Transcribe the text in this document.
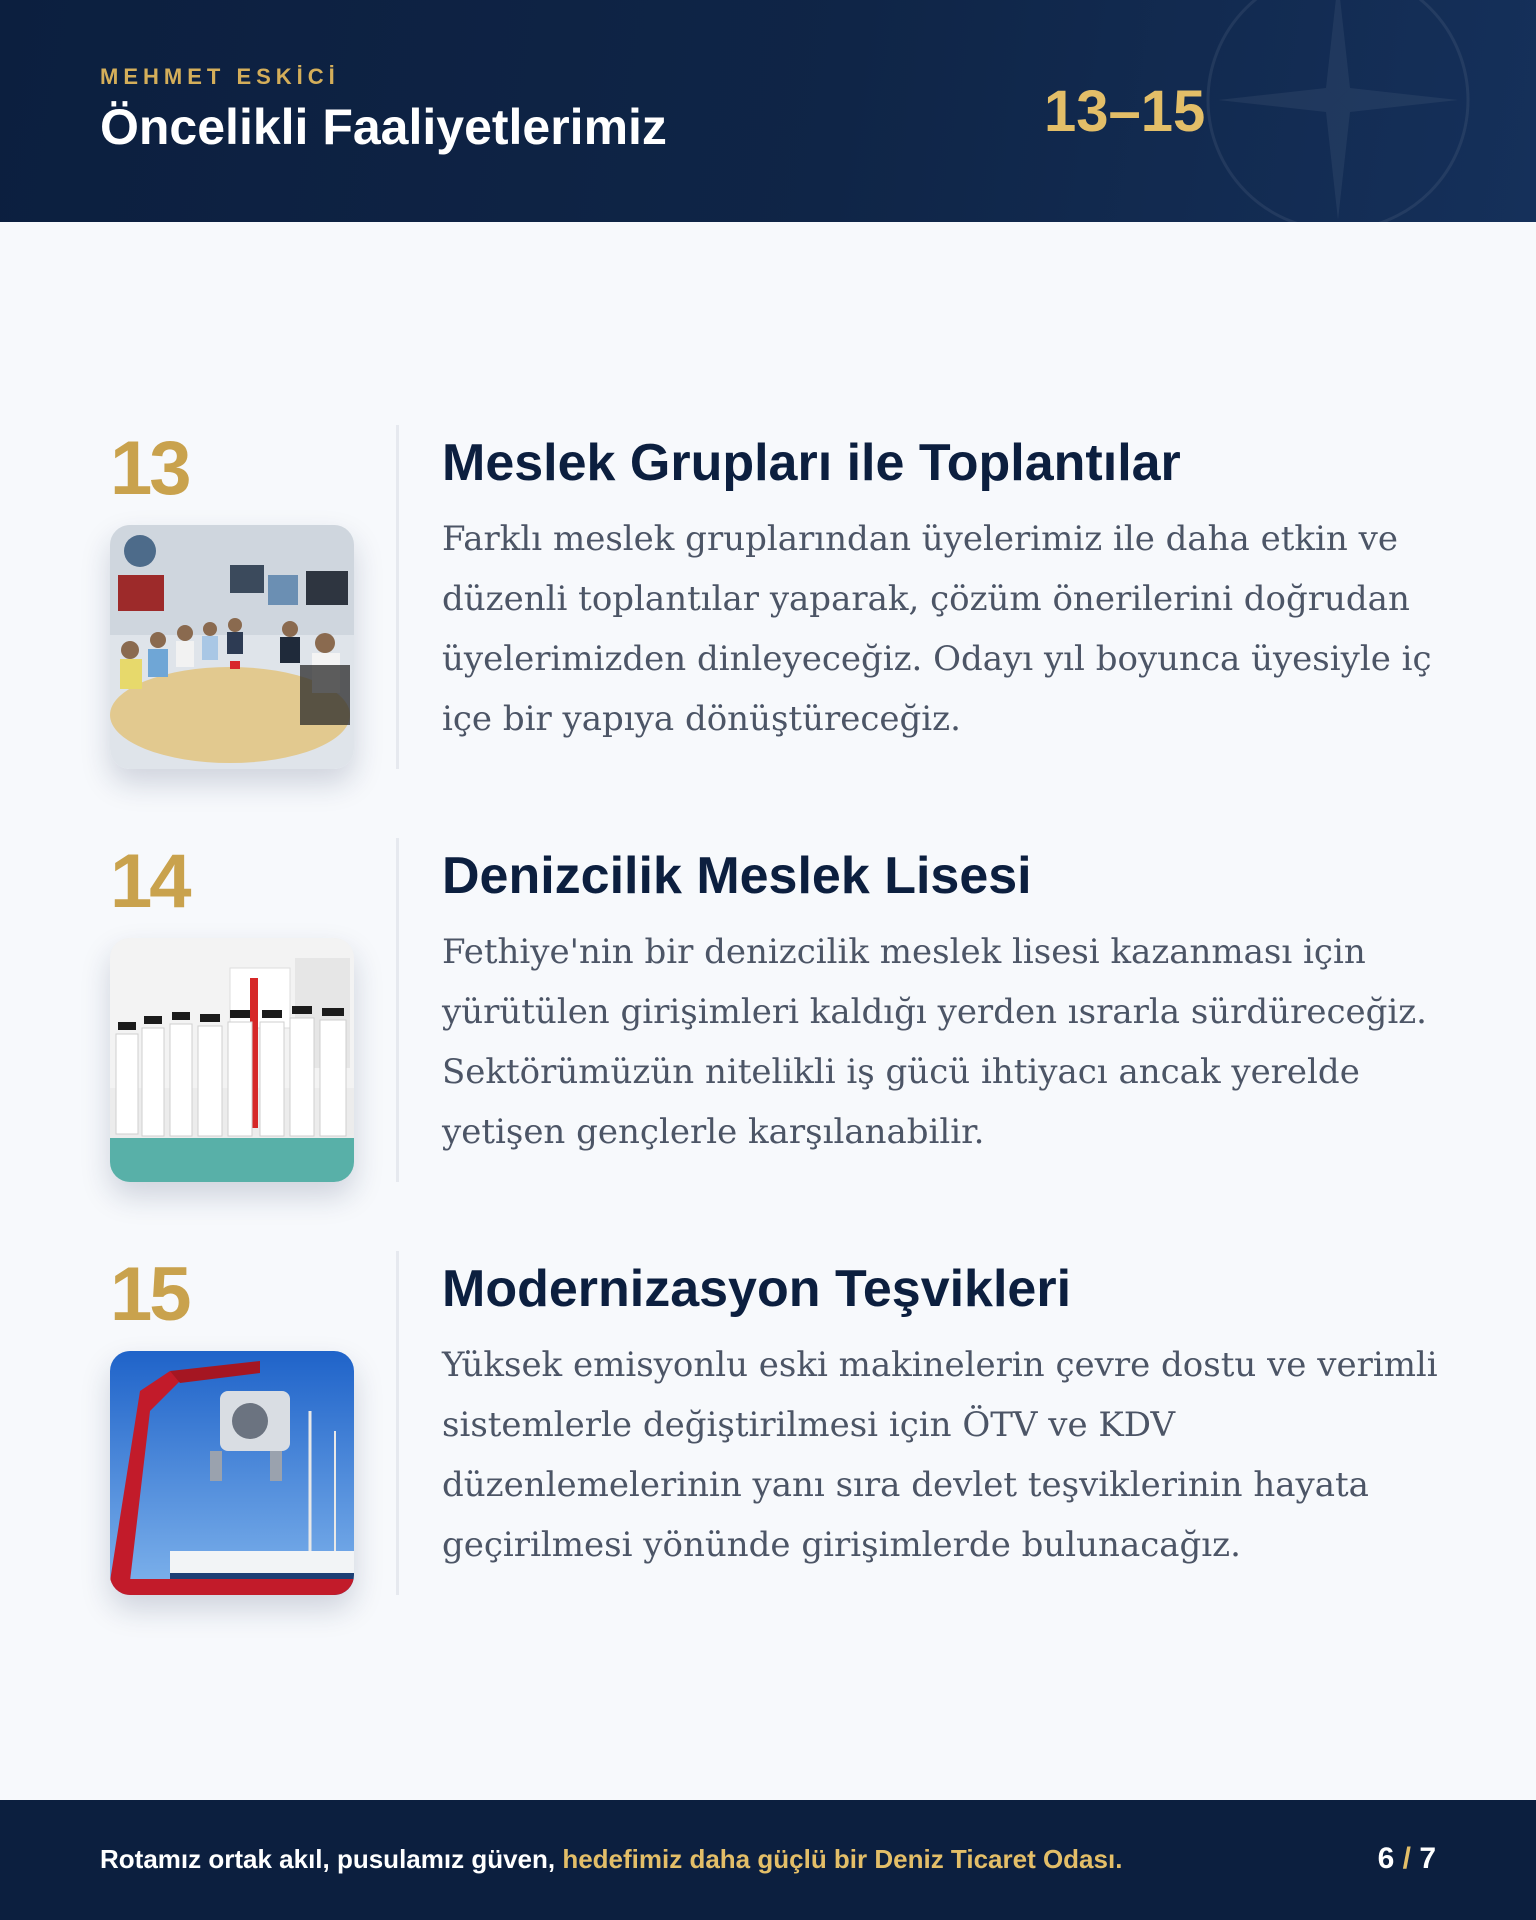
MEHMET ESKİCİ
Öncelikli Faaliyetlerimiz	13–15
13	Meslek Grupları ile Toplantılar
Farklı meslek gruplarından üyelerimiz ile daha etkin ve düzenli toplantılar yaparak, çözüm önerilerini doğrudan üyelerimizden dinleyeceğiz. Odayı yıl boyunca üyesiyle iç içe bir yapıya dönüştüreceğiz.
14	Denizcilik Meslek Lisesi
Fethiye'nin bir denizcilik meslek lisesi kazanması için yürütülen girişimleri kaldığı yerden ısrarla sürdüreceğiz. Sektörümüzün nitelikli iş gücü ihtiyacı ancak yerelde yetişen gençlerle karşılanabilir.
15	Modernizasyon Teşvikleri
Yüksek emisyonlu eski makinelerin çevre dostu ve verimli sistemlerle değiştirilmesi için ÖTV ve KDV düzenlemelerinin yanı sıra devlet teşviklerinin hayata geçirilmesi yönünde girişimlerde bulunacağız.
Rotamız ortak akıl, pusulamız güven, hedefimiz daha güçlü bir Deniz Ticaret Odası.	6 / 7
